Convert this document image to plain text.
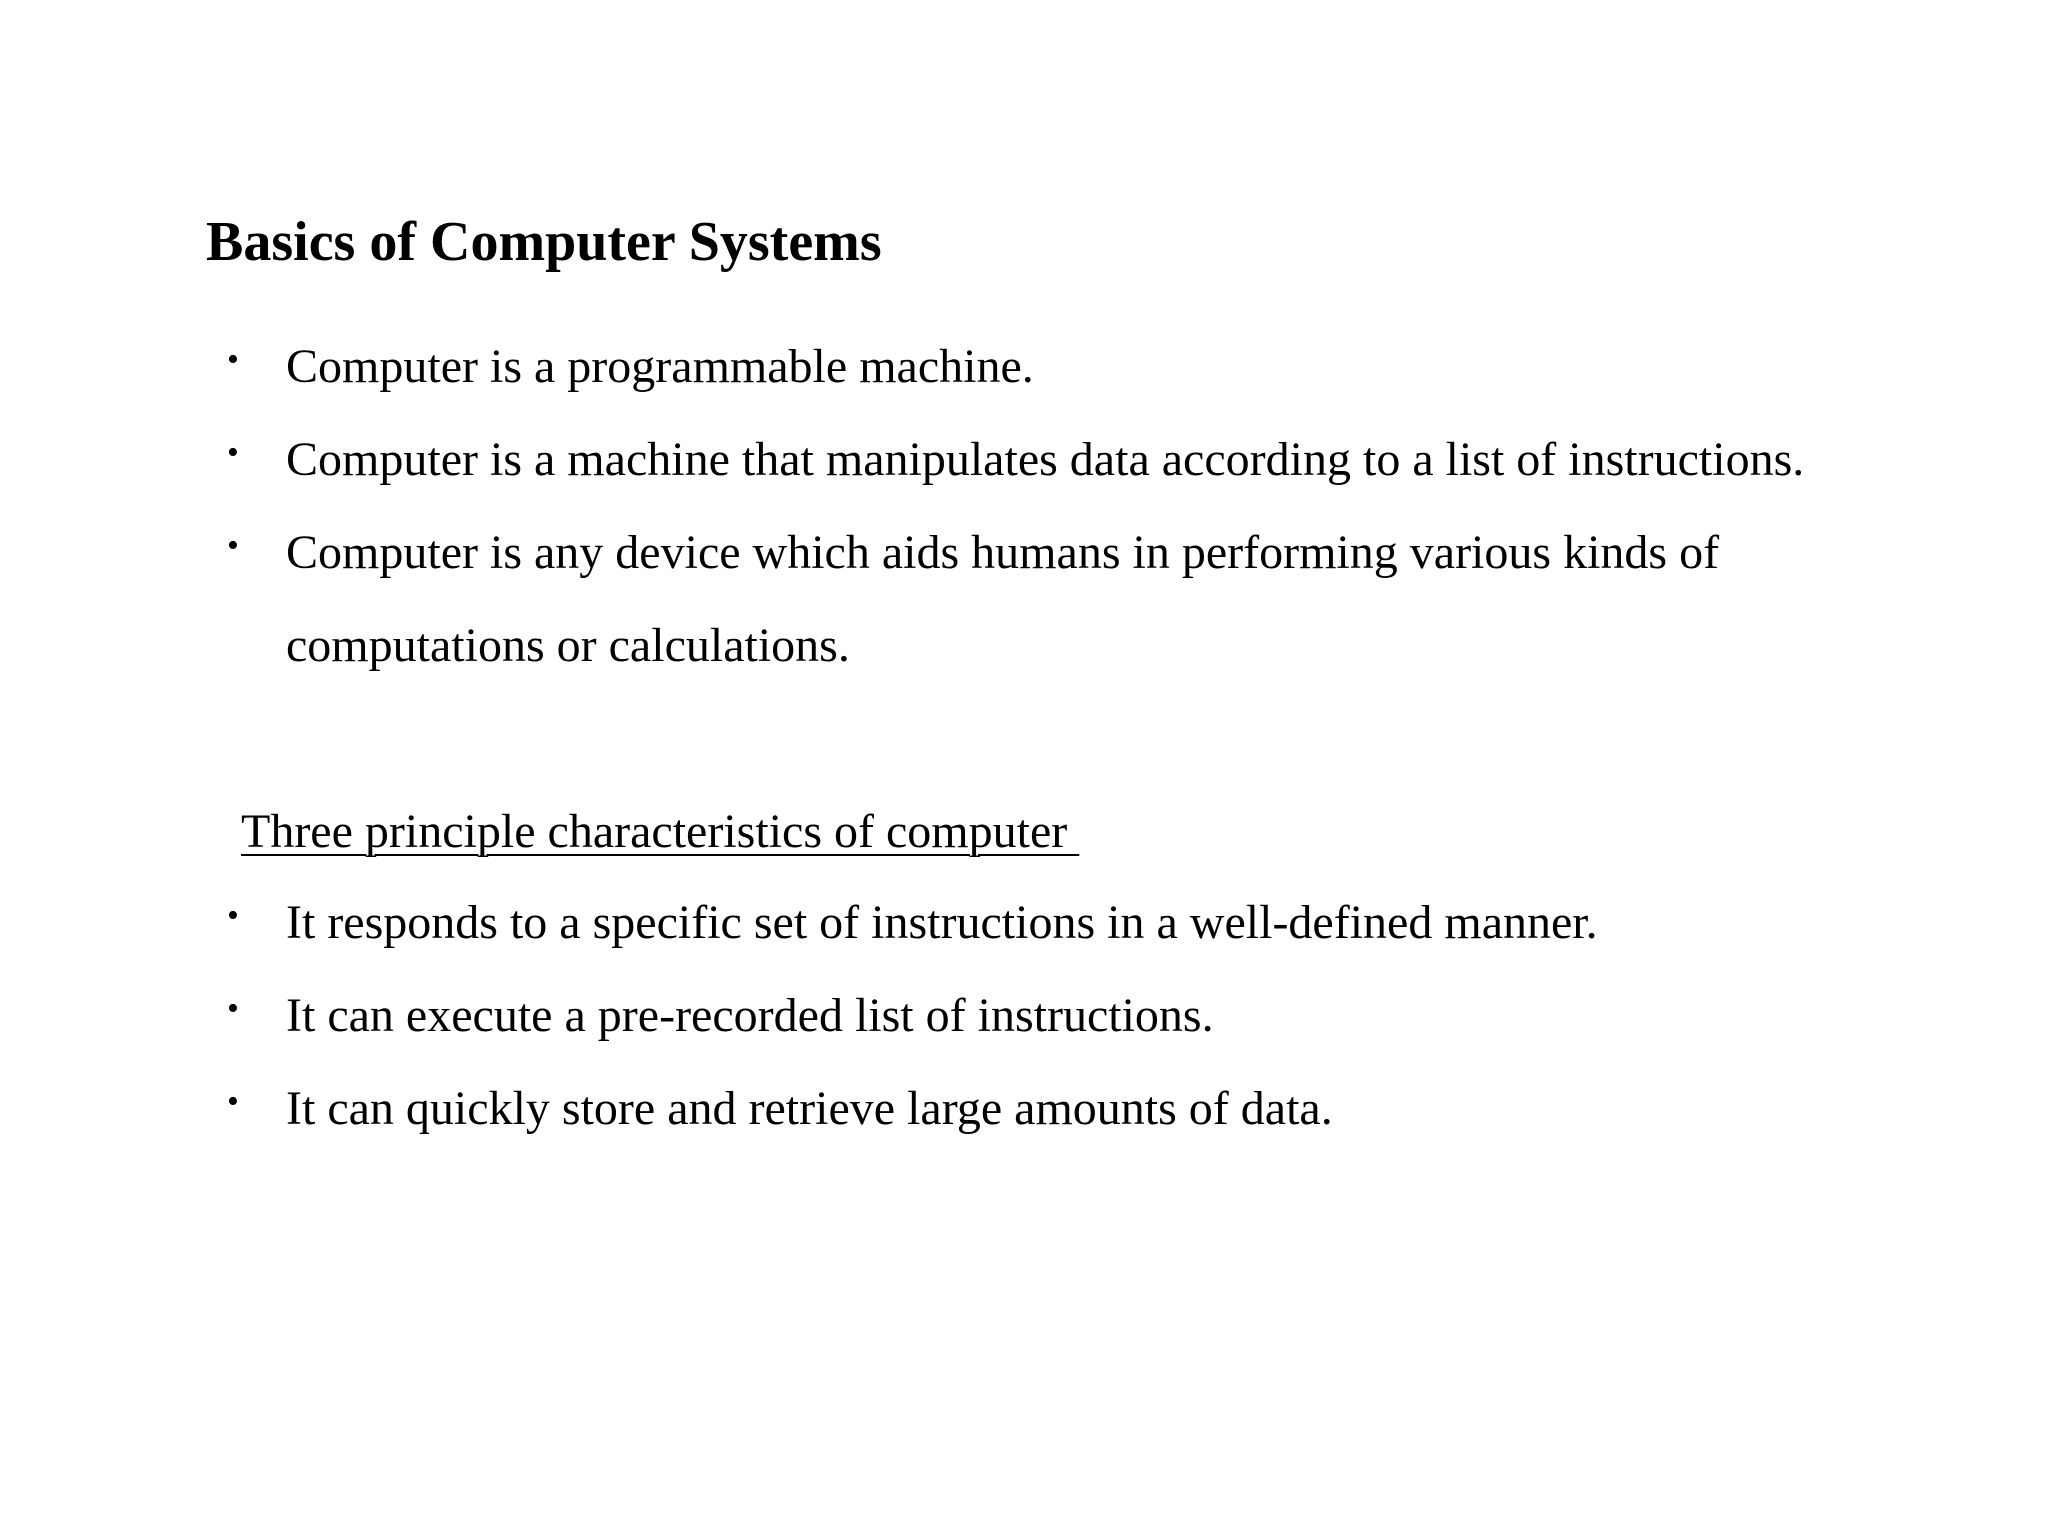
Basics of Computer Systems
• Computer is a programmable machine.
• Computer is a machine that manipulates data according to a list of instructions.
• Computer is any device which aids humans in performing various kinds of computations or calculations.

Three principle characteristics of computer

• It responds to a specific set of instructions in a well-defined manner.
• It can execute a pre-recorded list of instructions.
• It can quickly store and retrieve large amounts of data.
